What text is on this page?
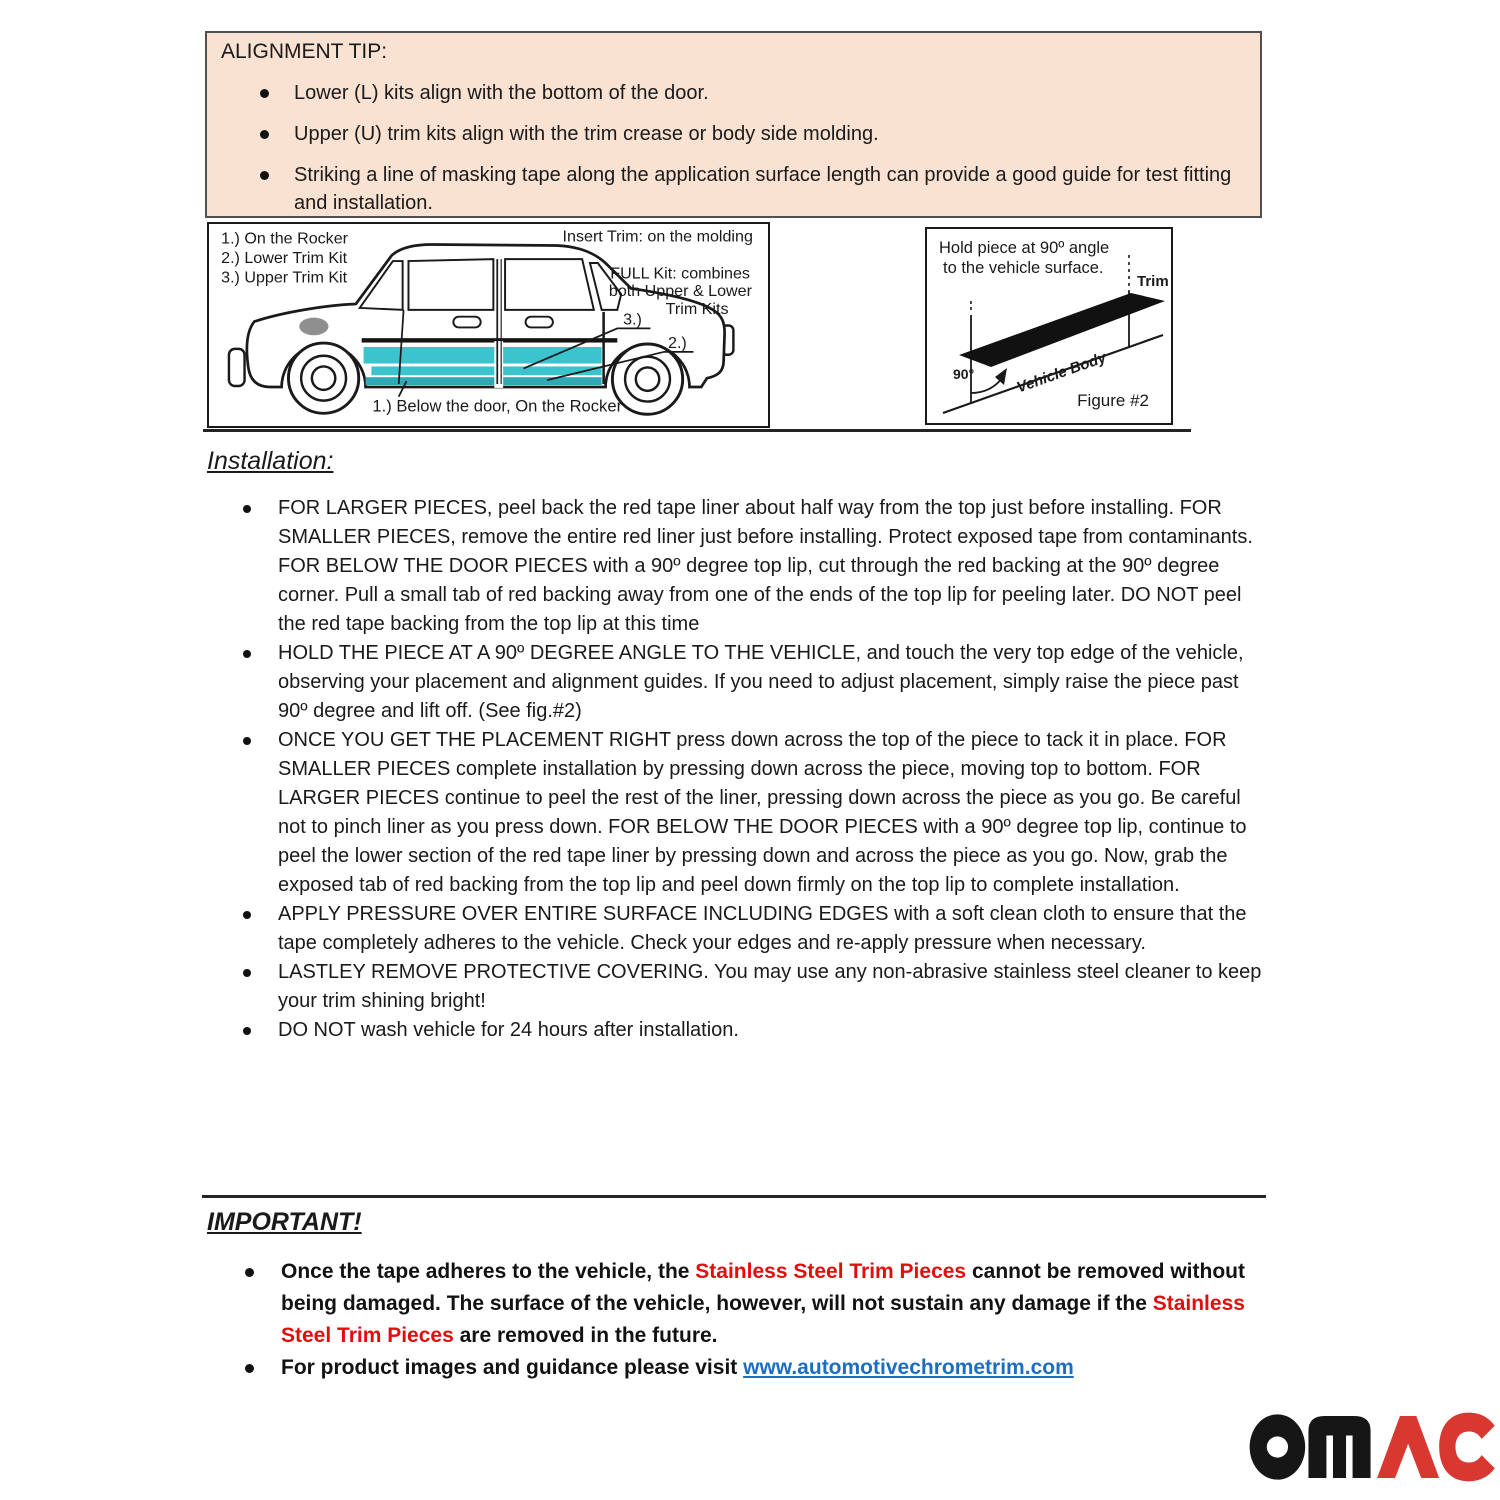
ALIGNMENT TIP:
Lower (L) kits align with the bottom of the door.
Upper (U) trim kits align with the trim crease or body side molding.
Striking a line of masking tape along the application surface length can provide a good guide for test fitting and installation.
1.) On the Rocker
2.) Lower Trim Kit
3.) Upper Trim Kit
Insert Trim: on the molding
FULL Kit: combines
both Upper & Lower
Trim Kits
3.)
2.)
1.) Below the door, On the Rocker
Hold piece at 90º angle
to the vehicle surface.
Trim
90°	Vehicle Body
Figure #2
Installation:
FOR LARGER PIECES, peel back the red tape liner about half way from the top just before installing. FOR SMALLER PIECES, remove the entire red liner just before installing. Protect exposed tape from contaminants. FOR BELOW THE DOOR PIECES with a 90º degree top lip, cut through the red backing at the 90º degree corner. Pull a small tab of red backing away from one of the ends of the top lip for peeling later. DO NOT peel the red tape backing from the top lip at this time
HOLD THE PIECE AT A 90º DEGREE ANGLE TO THE VEHICLE, and touch the very top edge of the vehicle, observing your placement and alignment guides. If you need to adjust placement, simply raise the piece past 90º degree and lift off. (See fig.#2)
ONCE YOU GET THE PLACEMENT RIGHT press down across the top of the piece to tack it in place. FOR SMALLER PIECES complete installation by pressing down across the piece, moving top to bottom. FOR LARGER PIECES continue to peel the rest of the liner, pressing down across the piece as you go. Be careful not to pinch liner as you press down. FOR BELOW THE DOOR PIECES with a 90º degree top lip, continue to peel the lower section of the red tape liner by pressing down and across the piece as you go. Now, grab the exposed tab of red backing from the top lip and peel down firmly on the top lip to complete installation.
APPLY PRESSURE OVER ENTIRE SURFACE INCLUDING EDGES with a soft clean cloth to ensure that the tape completely adheres to the vehicle. Check your edges and re-apply pressure when necessary.
LASTLEY REMOVE PROTECTIVE COVERING. You may use any non-abrasive stainless steel cleaner to keep your trim shining bright!
DO NOT wash vehicle for 24 hours after installation.
IMPORTANT!
Once the tape adheres to the vehicle, the Stainless Steel Trim Pieces cannot be removed without being damaged. The surface of the vehicle, however, will not sustain any damage if the Stainless Steel Trim Pieces are removed in the future.
For product images and guidance please visit www.automotivechrometrim.com
